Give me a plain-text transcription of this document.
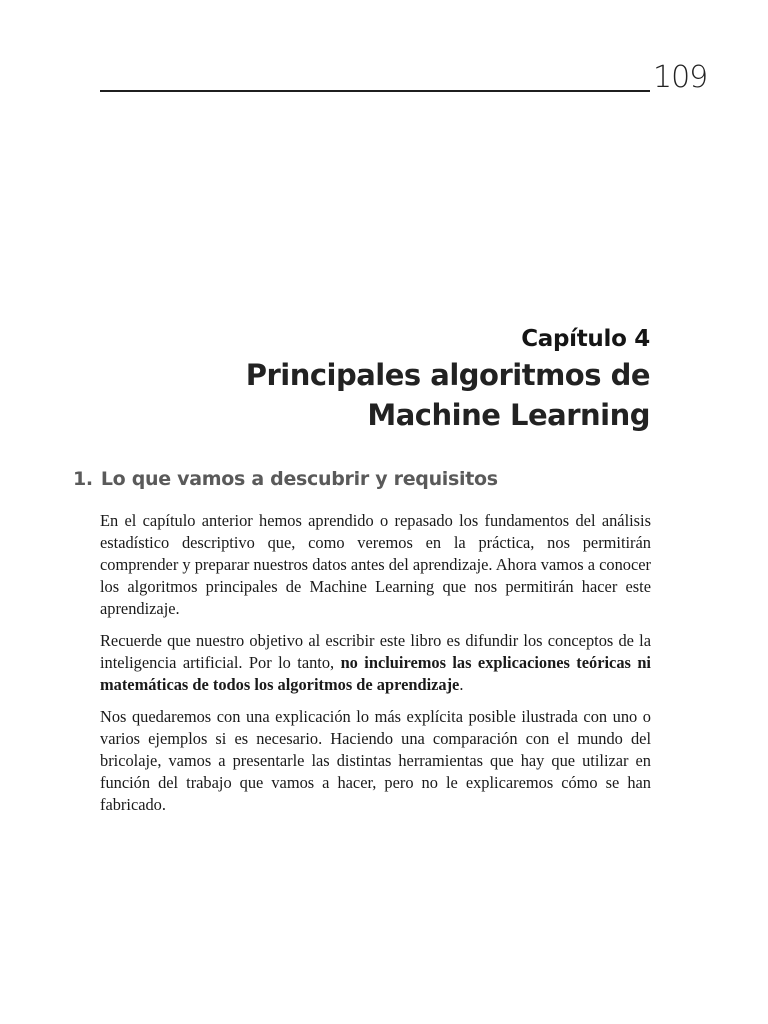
109
Capítulo 4
Principales algoritmos de
Machine Learning
1. Lo que vamos a descubrir y requisitos

En el capítulo anterior hemos aprendido o repasado los fundamentos del análisis estadístico descriptivo que, como veremos en la práctica, nos permitirán comprender y preparar nuestros datos antes del aprendizaje. Ahora vamos a conocer los algoritmos principales de Machine Learning que nos permitirán hacer este aprendizaje.

Recuerde que nuestro objetivo al escribir este libro es difundir los conceptos de la inteligencia artificial. Por lo tanto, no incluiremos las explicaciones teóricas ni matemáticas de todos los algoritmos de aprendizaje.

Nos quedaremos con una explicación lo más explícita posible ilustrada con uno o varios ejemplos si es necesario. Haciendo una comparación con el mundo del bricolaje, vamos a presentarle las distintas herramientas que hay que utilizar en función del trabajo que vamos a hacer, pero no le explicaremos cómo se han fabricado.
